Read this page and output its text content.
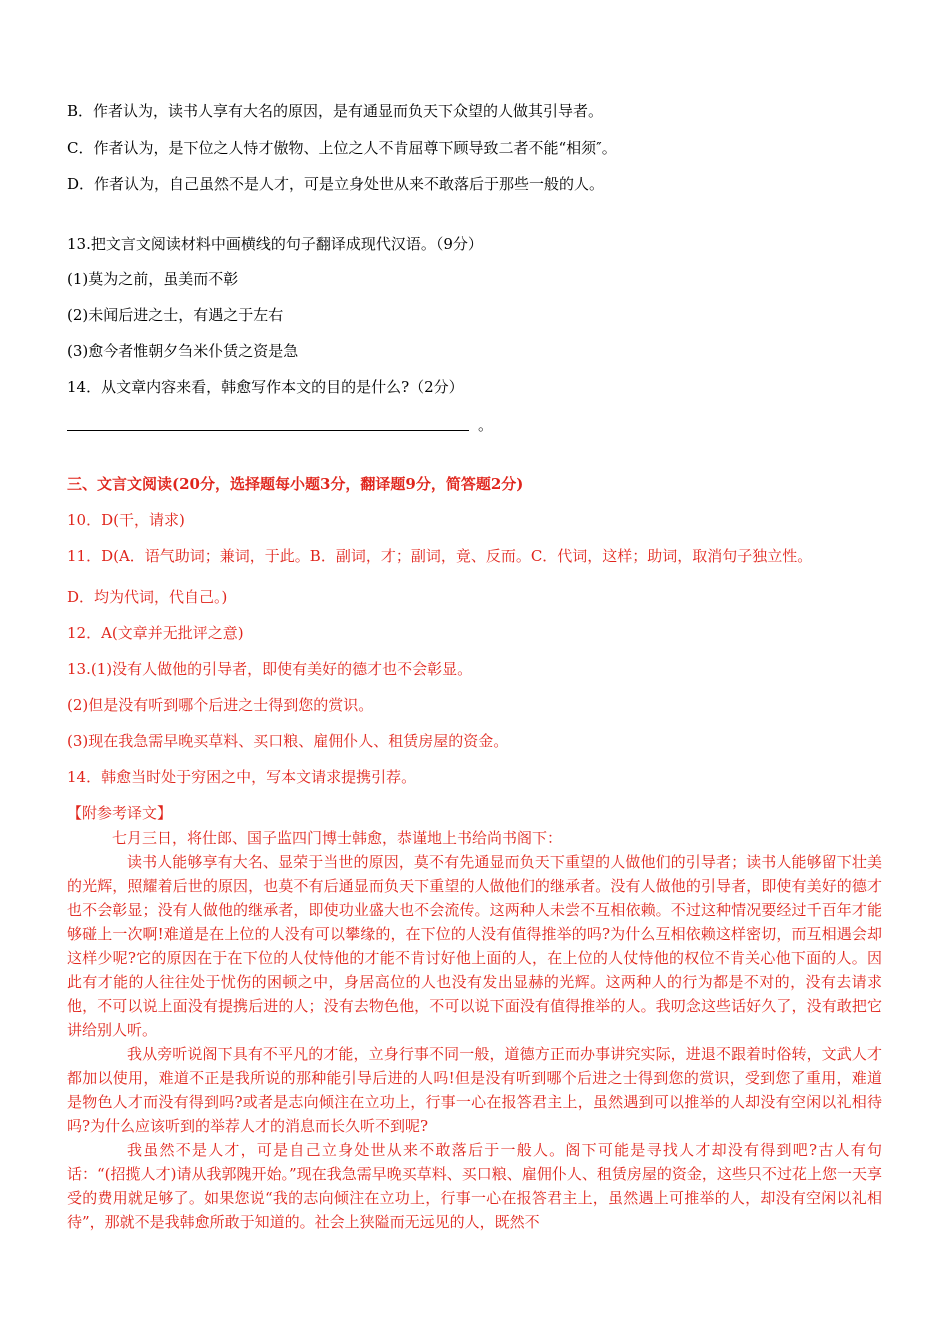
B．作者认为，读书人享有大名的原因，是有通显而负天下众望的人做其引导者。
C．作者认为，是下位之人恃才傲物、上位之人不肯屈尊下顾导致二者不能“相须″。
D．作者认为，自己虽然不是人才，可是立身处世从来不敢落后于那些一般的人。
13.把文言文阅读材料中画横线的句子翻译成现代汉语。（9分）
(1)莫为之前，虽美而不彰
(2)未闻后进之士，有遇之于左右
(3)愈今者惟朝夕刍米仆赁之资是急
14．从文章内容来看，韩愈写作本文的目的是什么?（2分）
。
三、文言文阅读(20分，选择题每小题3分，翻译题9分，简答题2分)
10．D(干，请求)
11．D(A．语气助词；兼词，于此。B．副词，才；副词，竟、反而。C．代词，这样；助词，取消句子独立性。
D．均为代词，代自己。)
12．A(文章并无批评之意)
13.(1)没有人做他的引导者，即使有美好的德才也不会彰显。
(2)但是没有听到哪个后进之士得到您的赏识。
(3)现在我急需早晚买草料、买口粮、雇佣仆人、租赁房屋的资金。
14．韩愈当时处于穷困之中，写本文请求提携引荐。
【附参考译文】

七月三日，将仕郎、国子监四门博士韩愈，恭谨地上书给尚书阁下：

读书人能够享有大名、显荣于当世的原因，莫不有先通显而负天下重望的人做他们的引导者；读书人能够留下壮美的光辉，照耀着后世的原因，也莫不有后通显而负天下重望的人做他们的继承者。没有人做他的引导者，即使有美好的德才也不会彰显；没有人做他的继承者，即使功业盛大也不会流传。这两种人未尝不互相依赖。不过这种情况要经过千百年才能够碰上一次啊!难道是在上位的人没有可以攀缘的，在下位的人没有值得推举的吗?为什么互相依赖这样密切，而互相遇会却这样少呢?它的原因在于在下位的人仗恃他的才能不肯讨好他上面的人，在上位的人仗恃他的权位不肯关心他下面的人。因此有才能的人往往处于忧伤的困顿之中，身居高位的人也没有发出显赫的光辉。这两种人的行为都是不对的，没有去请求他，不可以说上面没有提携后进的人；没有去物色他，不可以说下面没有值得推举的人。我叨念这些话好久了，没有敢把它讲给别人听。

我从旁听说阁下具有不平凡的才能，立身行事不同一般，道德方正而办事讲究实际，进退不跟着时俗转，文武人才都加以使用，难道不正是我所说的那种能引导后进的人吗!但是没有听到哪个后进之士得到您的赏识，受到您了重用，难道是物色人才而没有得到吗?或者是志向倾注在立功上，行事一心在报答君主上，虽然遇到可以推举的人却没有空闲以礼相待吗?为什么应该听到的举荐人才的消息而长久听不到呢?

我虽然不是人才，可是自己立身处世从来不敢落后于一般人。阁下可能是寻找人才却没有得到吧?古人有句话：“(招揽人才)请从我郭隗开始。”现在我急需早晚买草料、买口粮、雇佣仆人、租赁房屋的资金，这些只不过花上您一天享受的费用就足够了。如果您说“我的志向倾注在立功上，行事一心在报答君主上，虽然遇上可推举的人，却没有空闲以礼相待”，那就不是我韩愈所敢于知道的。社会上狭隘而无远见的人，既然不
